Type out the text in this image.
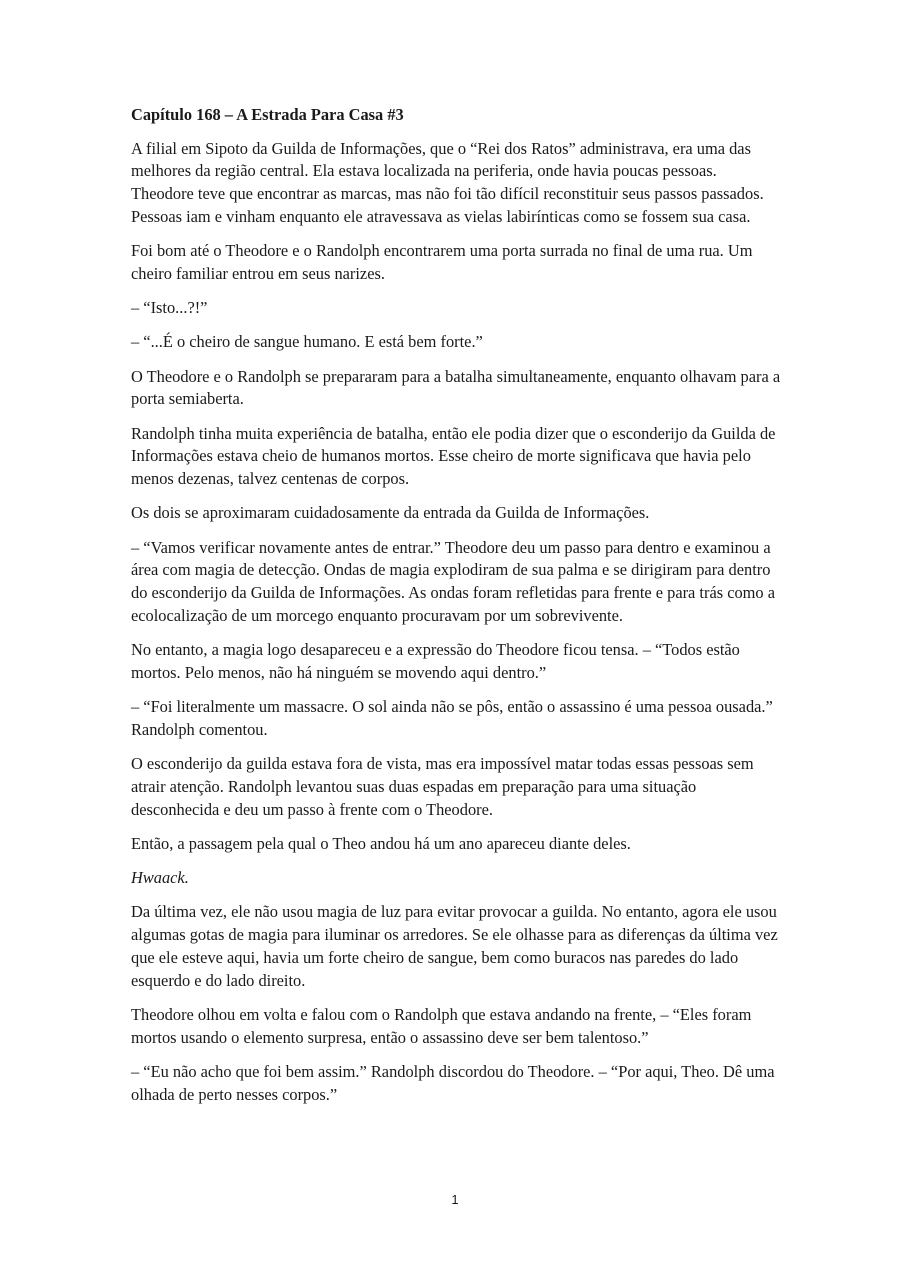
Capítulo 168 – A Estrada Para Casa #3

A filial em Sipoto da Guilda de Informações, que o “Rei dos Ratos” administrava, era uma das melhores da região central. Ela estava localizada na periferia, onde havia poucas pessoas. Theodore teve que encontrar as marcas, mas não foi tão difícil reconstituir seus passos passados. Pessoas iam e vinham enquanto ele atravessava as vielas labirínticas como se fossem sua casa.

Foi bom até o Theodore e o Randolph encontrarem uma porta surrada no final de uma rua. Um cheiro familiar entrou em seus narizes.

– “Isto...?!”

– “...É o cheiro de sangue humano. E está bem forte.”

O Theodore e o Randolph se prepararam para a batalha simultaneamente, enquanto olhavam para a porta semiaberta.

Randolph tinha muita experiência de batalha, então ele podia dizer que o esconderijo da Guilda de Informações estava cheio de humanos mortos. Esse cheiro de morte significava que havia pelo menos dezenas, talvez centenas de corpos.

Os dois se aproximaram cuidadosamente da entrada da Guilda de Informações.

– “Vamos verificar novamente antes de entrar.” Theodore deu um passo para dentro e examinou a área com magia de detecção. Ondas de magia explodiram de sua palma e se dirigiram para dentro do esconderijo da Guilda de Informações. As ondas foram refletidas para frente e para trás como a ecolocalização de um morcego enquanto procuravam por um sobrevivente.

No entanto, a magia logo desapareceu e a expressão do Theodore ficou tensa. – “Todos estão mortos. Pelo menos, não há ninguém se movendo aqui dentro.”

– “Foi literalmente um massacre. O sol ainda não se pôs, então o assassino é uma pessoa ousada.” Randolph comentou.

O esconderijo da guilda estava fora de vista, mas era impossível matar todas essas pessoas sem atrair atenção. Randolph levantou suas duas espadas em preparação para uma situação desconhecida e deu um passo à frente com o Theodore.

Então, a passagem pela qual o Theo andou há um ano apareceu diante deles.

Hwaack.

Da última vez, ele não usou magia de luz para evitar provocar a guilda. No entanto, agora ele usou algumas gotas de magia para iluminar os arredores. Se ele olhasse para as diferenças da última vez que ele esteve aqui, havia um forte cheiro de sangue, bem como buracos nas paredes do lado esquerdo e do lado direito.

Theodore olhou em volta e falou com o Randolph que estava andando na frente, – “Eles foram mortos usando o elemento surpresa, então o assassino deve ser bem talentoso.”

– “Eu não acho que foi bem assim.” Randolph discordou do Theodore. – “Por aqui, Theo. Dê uma olhada de perto nesses corpos.”

1
